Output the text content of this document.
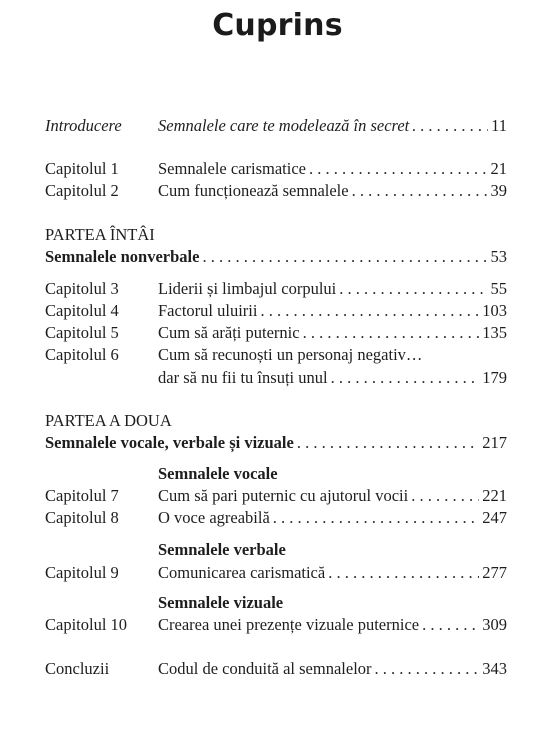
Cuprins
Introducere Semnalele care te modelează în secret . . .	11
Capitolul 1 Semnalele carismatice . . .	21
Capitolul 2 Cum funcționează semnalele . . .	39
PARTEA ÎNTÂI
Semnalele nonverbale . . .	53
Capitolul 3 Liderii și limbajul corpului . . .	55
Capitolul 4 Factorul uluirii . . .	103
Capitolul 5 Cum să arăți puternic . . .	135
Capitolul 6 Cum să recunoști un personaj negativ…
dar să nu fii tu însuți unul . . .	179
PARTEA A DOUA
Semnalele vocale, verbale și vizuale . . .	217
Semnalele vocale
Capitolul 7 Cum să pari puternic cu ajutorul vocii . . .	221
Capitolul 8 O voce agreabilă . . .	247
Semnalele verbale
Capitolul 9 Comunicarea carismatică . . .	277
Semnalele vizuale
Capitolul 10 Crearea unei prezențe vizuale puternice . . .	309
Concluzii	Codul de conduită al semnalelor . . .	343
